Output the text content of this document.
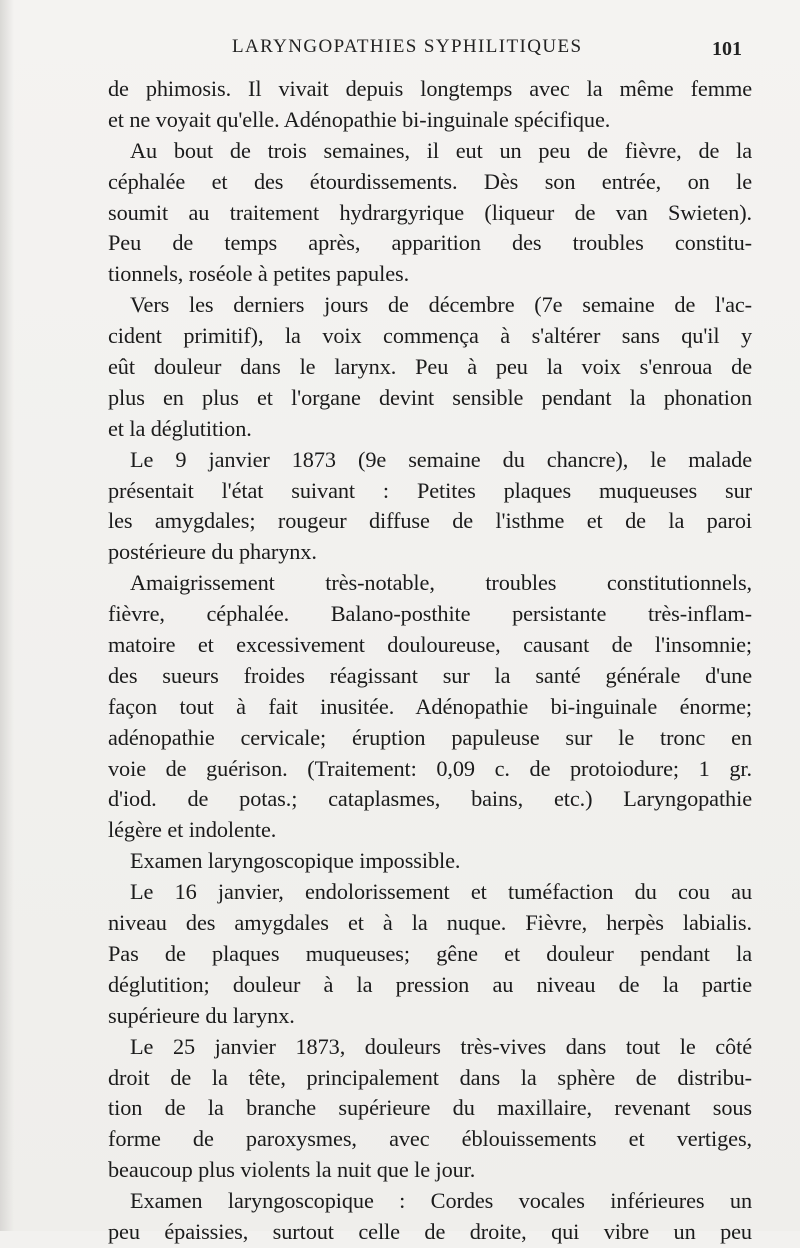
LARYNGOPATHIES SYPHILITIQUES	101
de phimosis. Il vivait depuis longtemps avec la même femme
et ne voyait qu'elle. Adénopathie bi-inguinale spécifique.
Au bout de trois semaines, il eut un peu de fièvre, de la
céphalée et des étourdissements. Dès son entrée, on le
soumit au traitement hydrargyrique (liqueur de van Swieten).
Peu de temps après, apparition des troubles constitu-
tionnels, roséole à petites papules.
Vers les derniers jours de décembre (7e semaine de l'ac-
cident primitif), la voix commença à s'altérer sans qu'il y
eût douleur dans le larynx. Peu à peu la voix s'enroua de
plus en plus et l'organe devint sensible pendant la phonation
et la déglutition.
Le 9 janvier 1873 (9e semaine du chancre), le malade
présentait l'état suivant : Petites plaques muqueuses sur
les amygdales; rougeur diffuse de l'isthme et de la paroi
postérieure du pharynx.
Amaigrissement très-notable, troubles constitutionnels,
fièvre, céphalée. Balano-posthite persistante très-inflam-
matoire et excessivement douloureuse, causant de l'insomnie;
des sueurs froides réagissant sur la santé générale d'une
façon tout à fait inusitée. Adénopathie bi-inguinale énorme;
adénopathie cervicale; éruption papuleuse sur le tronc en
voie de guérison. (Traitement: 0,09 c. de protoiodure; 1 gr.
d'iod. de potas.; cataplasmes, bains, etc.) Laryngopathie
légère et indolente.
Examen laryngoscopique impossible.
Le 16 janvier, endolorissement et tuméfaction du cou au
niveau des amygdales et à la nuque. Fièvre, herpès labialis.
Pas de plaques muqueuses; gêne et douleur pendant la
déglutition; douleur à la pression au niveau de la partie
supérieure du larynx.
Le 25 janvier 1873, douleurs très-vives dans tout le côté
droit de la tête, principalement dans la sphère de distribu-
tion de la branche supérieure du maxillaire, revenant sous
forme de paroxysmes, avec éblouissements et vertiges,
beaucoup plus violents la nuit que le jour.
Examen laryngoscopique : Cordes vocales inférieures un
peu épaissies, surtout celle de droite, qui vibre un peu
